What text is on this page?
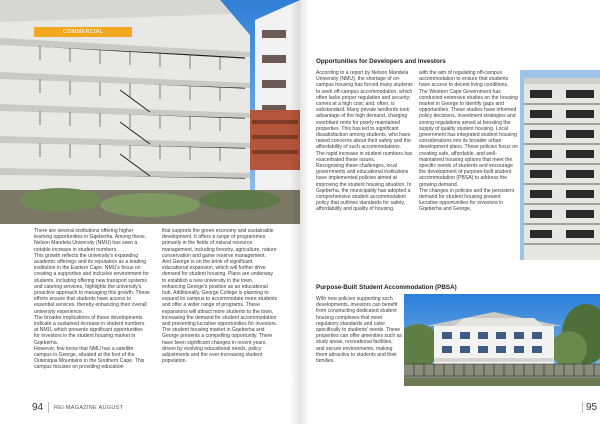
COMMERCIAL

There are several institutions offering higher learning opportunities in Gqeberha. Among these, Nelson Mandela University (NMU) has seen a notable increase in student numbers.

This growth reflects the university's expanding academic offerings and its reputation as a leading institution in the Eastern Cape. NMU's focus on creating a supportive and inclusive environment for students, including offering new transport systems and catering services, highlights the university's proactive approach to managing this growth. These efforts ensure that students have access to essential services, thereby enhancing their overall university experience.

The broader implications of these developments indicate a sustained increase in student numbers at NMU, which presents significant opportunities for investors in the student housing market in Gqeberha.

However, few know that NMU has a satellite campus in George, situated at the foot of the Outeniqua Mountains in the Southern Cape. This campus focuses on providing education

that supports the green economy and sustainable development. It offers a range of programmes primarily in the fields of natural resource management, including forestry, agriculture, nature conservation and game reserve management.

And George is on the brink of significant educational expansion, which will further drive demand for student housing. Plans are underway to establish a new university in the town, enhancing George's position as an educational hub. Additionally, George College is planning to expand its campus to accommodate more students and offer a wider range of programs. These expansions will attract more students to the town, increasing the demand for student accommodation and presenting lucrative opportunities for investors.

The student housing market in Gqeberha and George presents a compelling opportunity. There have been significant changes in recent years, driven by evolving educational needs, policy adjustments and the ever-increasing student population.

94 REI MAGAZINE AUGUST
Opportunities for Developers and Investors

According to a report by Nelson Mandela University (NMU), the shortage of on-campus housing has forced many students to seek off-campus accommodation, which often lacks proper regulation and security; comes at a high cost; and, often, is substandard. Many private landlords took advantage of the high demand, charging exorbitant rents for poorly maintained properties. This has led to significant dissatisfaction among students, who have raised concerns about their safety and the affordability of such accommodations.

The rapid increase in student numbers has exacerbated these issues.

Recognising these challenges, local governments and educational institutions have implemented policies aimed at improving the student housing situation. In Gqeberha, the municipality has adopted a comprehensive student accommodation policy that outlines standards for safety, affordability and quality of housing,

with the aim of regulating off-campus accommodation to ensure that students have access to decent living conditions.

The Western Cape Government has conducted extensive studies on the housing market in George to identify gaps and opportunities. These studies have informed policy decisions, investment strategies and zoning regulations aimed at boosting the supply of quality student housing. Local government has integrated student housing considerations into its broader urban development plans. These policies focus on creating safe, affordable, and well-maintained housing options that meet the specific needs of students and encourage the development of purpose-built student accommodation (PBSA) to address the growing demand.

The changes in policies and the persistent demand for student housing present lucrative opportunities for investors in Gqeberha and George.

Purpose-Built Student Accommodation (PBSA)

With new policies supporting such developments, investors can benefit from constructing dedicated student housing complexes that meet regulatory standards and cater specifically to students' needs. These properties can offer amenities such as study areas, recreational facilities, and secure environments, making them attractive to students and their families.

95
